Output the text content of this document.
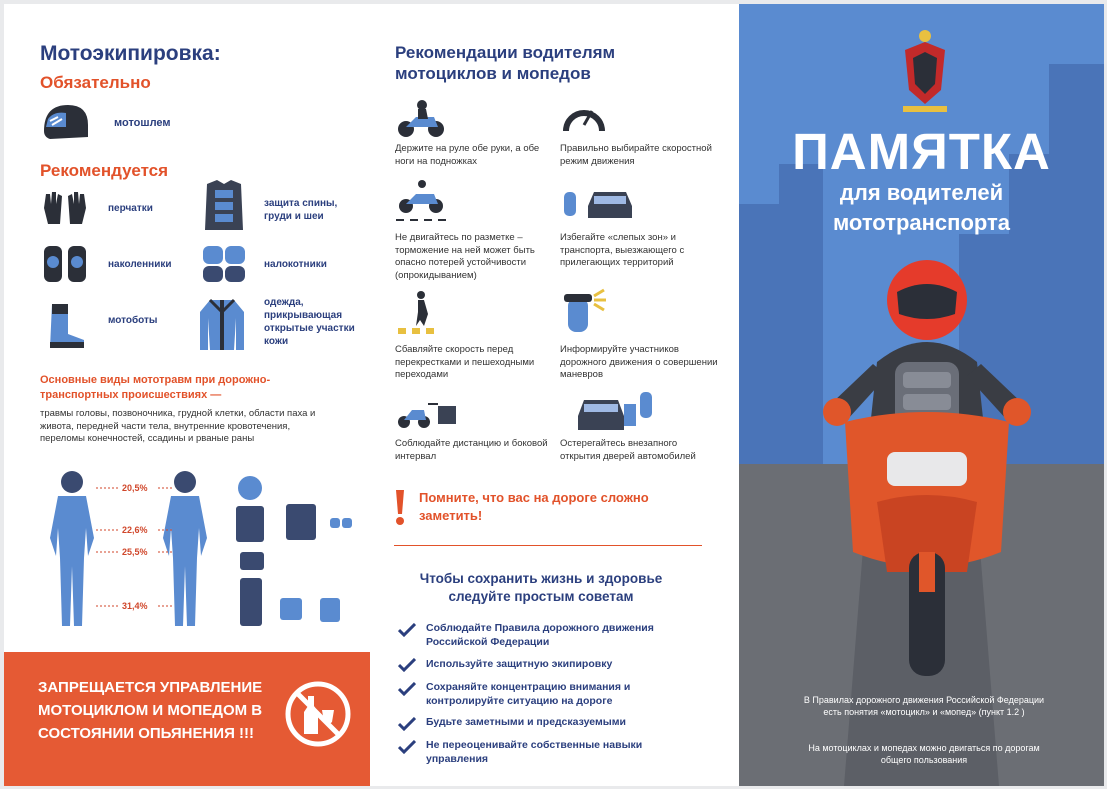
Мотоэкипировка:
Обязательно
мотошлем
Рекомендуется
перчатки	защита спины, груди и шеи
наколенники	налокотники
мотоботы
одежда, прикрывающая открытые участки кожи
Основные виды мототравм при дорожно-транспортных происшествиях —
травмы головы, позвоночника, грудной клетки, области паха и живота, передней части тела, внутренние кровотечения, переломы конечностей, ссадины и рваные раны
20,5%
22,6%
25,5%
31,4%
ЗАПРЕЩАЕТСЯ УПРАВЛЕНИЕ МОТОЦИКЛОМ И МОПЕДОМ В СОСТОЯНИИ ОПЬЯНЕНИЯ !!!
Рекомендации водителям мотоциклов и мопедов
Держите на руле обе руки, а обе ноги на подножках
Правильно выбирайте скоростной режим движения
Не двигайтесь по разметке – торможение на ней может быть опасно потерей устойчивости (опрокидыванием)
Избегайте «слепых зон» и транспорта, выезжающего с прилегающих территорий
Сбавляйте скорость перед перекрестками и пешеходными переходами
Информируйте участников дорожного движения о совершении маневров
Соблюдайте дистанцию и боковой интервал
Остерегайтесь внезапного открытия дверей автомобилей
Помните, что вас на дороге сложно заметить!
Чтобы сохранить жизнь и здоровье следуйте простым советам
Соблюдайте Правила дорожного движения Российской Федерации
Используйте защитную экипировку
Сохраняйте концентрацию внимания и контролируйте ситуацию на дороге
Будьте заметными и предсказуемыми
Не переоценивайте собственные навыки управления
ПАМЯТКА
для водителей
мототранспорта
В Правилах дорожного движения Российской Федерации есть понятия «мотоцикл» и «мопед» (пункт 1.2 )
На мотоциклах и мопедах можно двигаться по дорогам общего пользования
